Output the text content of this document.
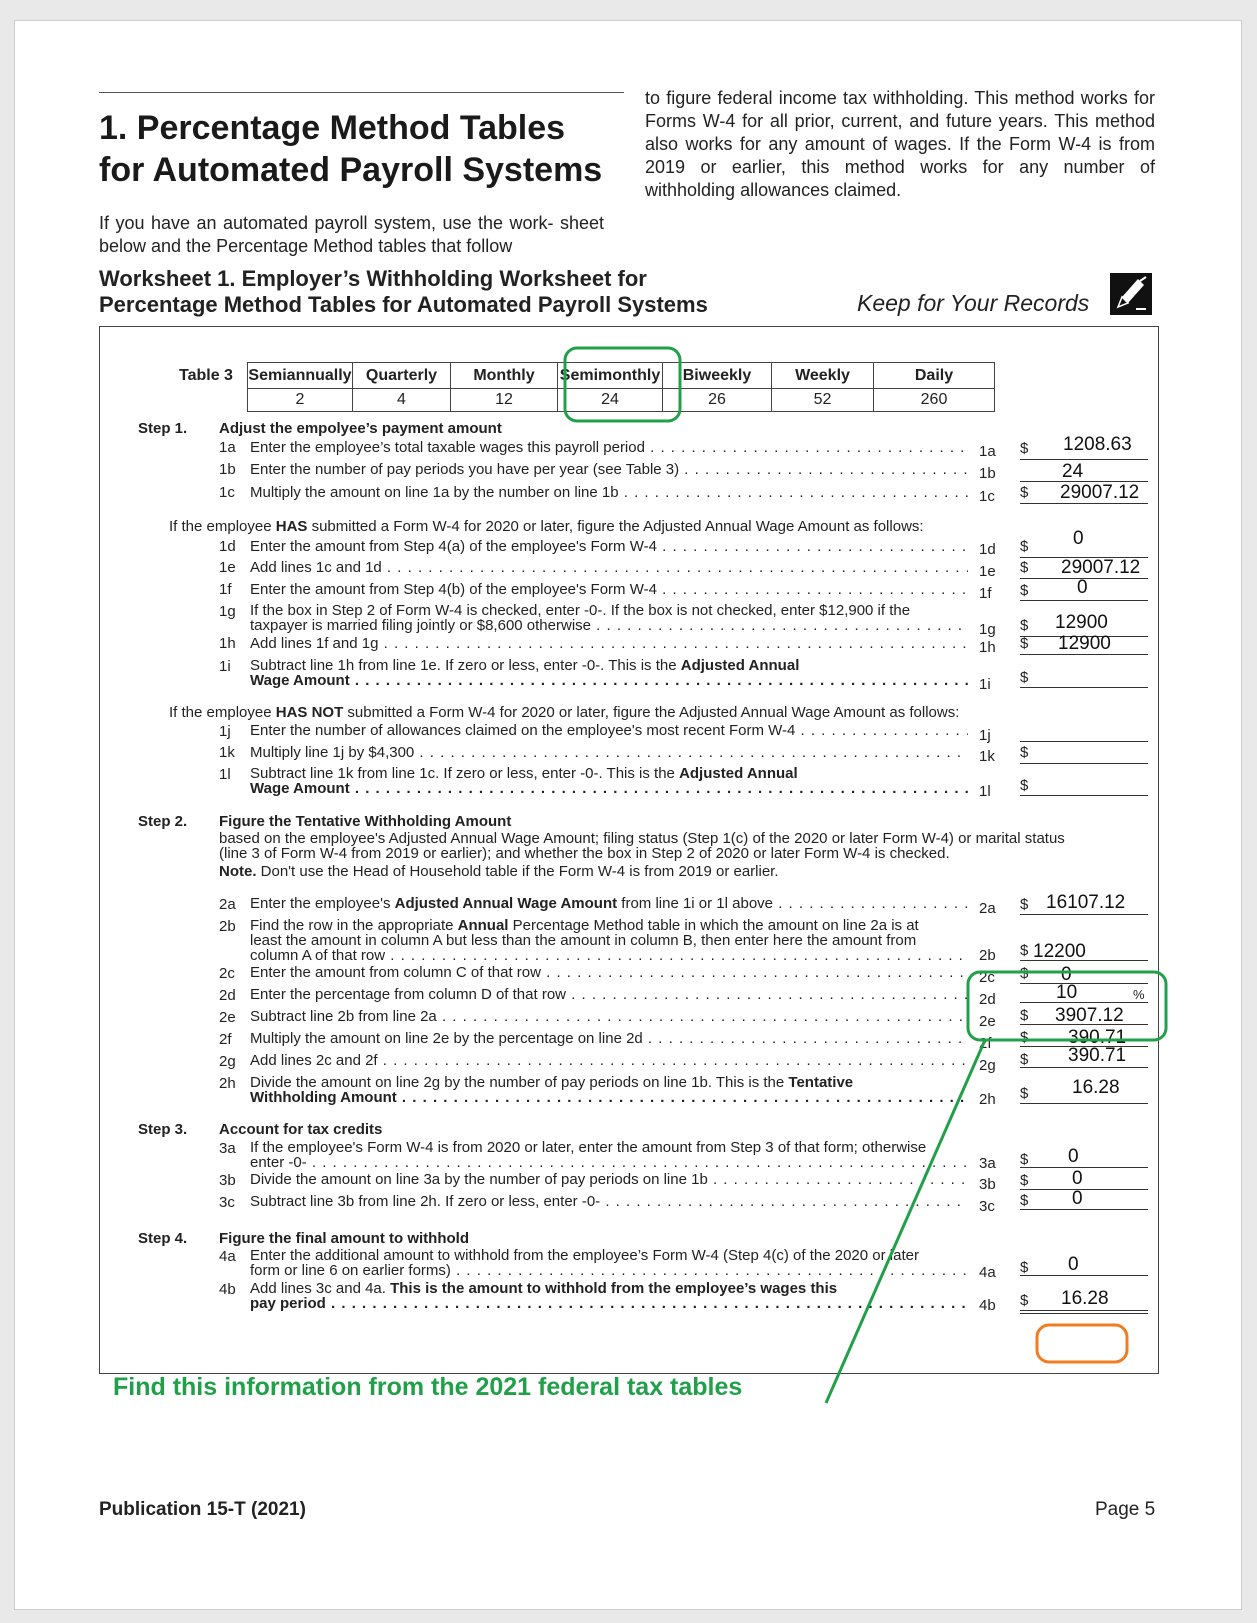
1. Percentage Method Tables
for Automated Payroll Systems
If you have an automated payroll system, use the work- sheet below and the Percentage Method tables that follow
to figure federal income tax withholding. This method works for Forms W-4 for all prior, current, and future years. This method also works for any amount of wages. If the Form W-4 is from 2019 or earlier, this method works for any number of withholding allowances claimed.
Worksheet 1. Employer’s Withholding Worksheet for
Percentage Method Tables for Automated Payroll Systems	Keep for Your Records
Table 3 Semiannually	Quarterly	Monthly	Semimonthly	Biweekly	Weekly	Daily
2	4	12	24	26	52	260
Step 1. Adjust the empolyee’s payment amount
1a Enter the employee’s total taxable wages this payroll period . . .	1a $ 1208.63
1b Enter the number of pay periods you have per year (see Table 3) . . .	1b	24
1c Multiply the amount on line 1a by the number on line 1b . . .	1c $ 29007.12
If the employee HAS submitted a Form W-4 for 2020 or later, figure the Adjusted Annual Wage Amount as follows:
1d Enter the amount from Step 4(a) of the employee's Form W-4 . . .	1d $ 0
1e Add lines 1c and 1d . . .	1e $ 29007.12
1f Enter the amount from Step 4(b) of the employee's Form W-4 . . .	1f $	0
1g If the box in Step 2 of Form W-4 is checked, enter -0-. If the box is not checked, enter $12,900 if the
taxpayer is married filing jointly or $8,600 otherwise . . .	1g $ 12900
1h Add lines 1f and 1g . . .	1h $ 12900
1i Subtract line 1h from line 1e. If zero or less, enter -0-. This is the Adjusted Annual
Wage Amount . . .	1i $
If the employee HAS NOT submitted a Form W-4 for 2020 or later, figure the Adjusted Annual Wage Amount as follows:
1j Enter the number of allowances claimed on the employee's most recent Form W-4 . . .	1j
1k Multiply line 1j by $4,300 . . .	1k $
1l Subtract line 1k from line 1c. If zero or less, enter -0-. This is the Adjusted Annual
Wage Amount . . .	1l $
Step 2. Figure the Tentative Withholding Amount
based on the employee's Adjusted Annual Wage Amount; filing status (Step 1(c) of the 2020 or later Form W-4) or marital status
(line 3 of Form W-4 from 2019 or earlier); and whether the box in Step 2 of 2020 or later Form W-4 is checked.
Note. Don't use the Head of Household table if the Form W-4 is from 2019 or earlier.
2a Enter the employee's Adjusted Annual Wage Amount from line 1i or 1l above . . .	2a $ 16107.12
2b Find the row in the appropriate Annual Percentage Method table in which the amount on line 2a is at
least the amount in column A but less than the amount in column B, then enter here the amount from
column A of that row . . .	2b $ 12200
2c Enter the amount from column C of that row . . .	2c $ 0
2d Enter the percentage from column D of that row . . .	2d	10	%
2e Subtract line 2b from line 2a . . .	2e $ 3907.12
2f Multiply the amount on line 2e by the percentage on line 2d . . .	2f $ 390.71
2g Add lines 2c and 2f . . .	2g $ 390.71
2h Divide the amount on line 2g by the number of pay periods on line 1b. This is the Tentative
Withholding Amount . . .	2h $ 16.28
Step 3. Account for tax credits
3a If the employee's Form W-4 is from 2020 or later, enter the amount from Step 3 of that form; otherwise
enter -0- . . .	3a $ 0
3b Divide the amount on line 3a by the number of pay periods on line 1b . . .	3b $ 0
3c Subtract line 3b from line 2h. If zero or less, enter -0- . . .	3c $ 0
Step 4. Figure the final amount to withhold
4a Enter the additional amount to withhold from the employee’s Form W-4 (Step 4(c) of the 2020 or later
form or line 6 on earlier forms) . . .	4a $ 0
4b Add lines 3c and 4a. This is the amount to withhold from the employee’s wages this
pay period . . .	4b $ 16.28
Find this information from the 2021 federal tax tables
Publication 15-T (2021)	Page 5
